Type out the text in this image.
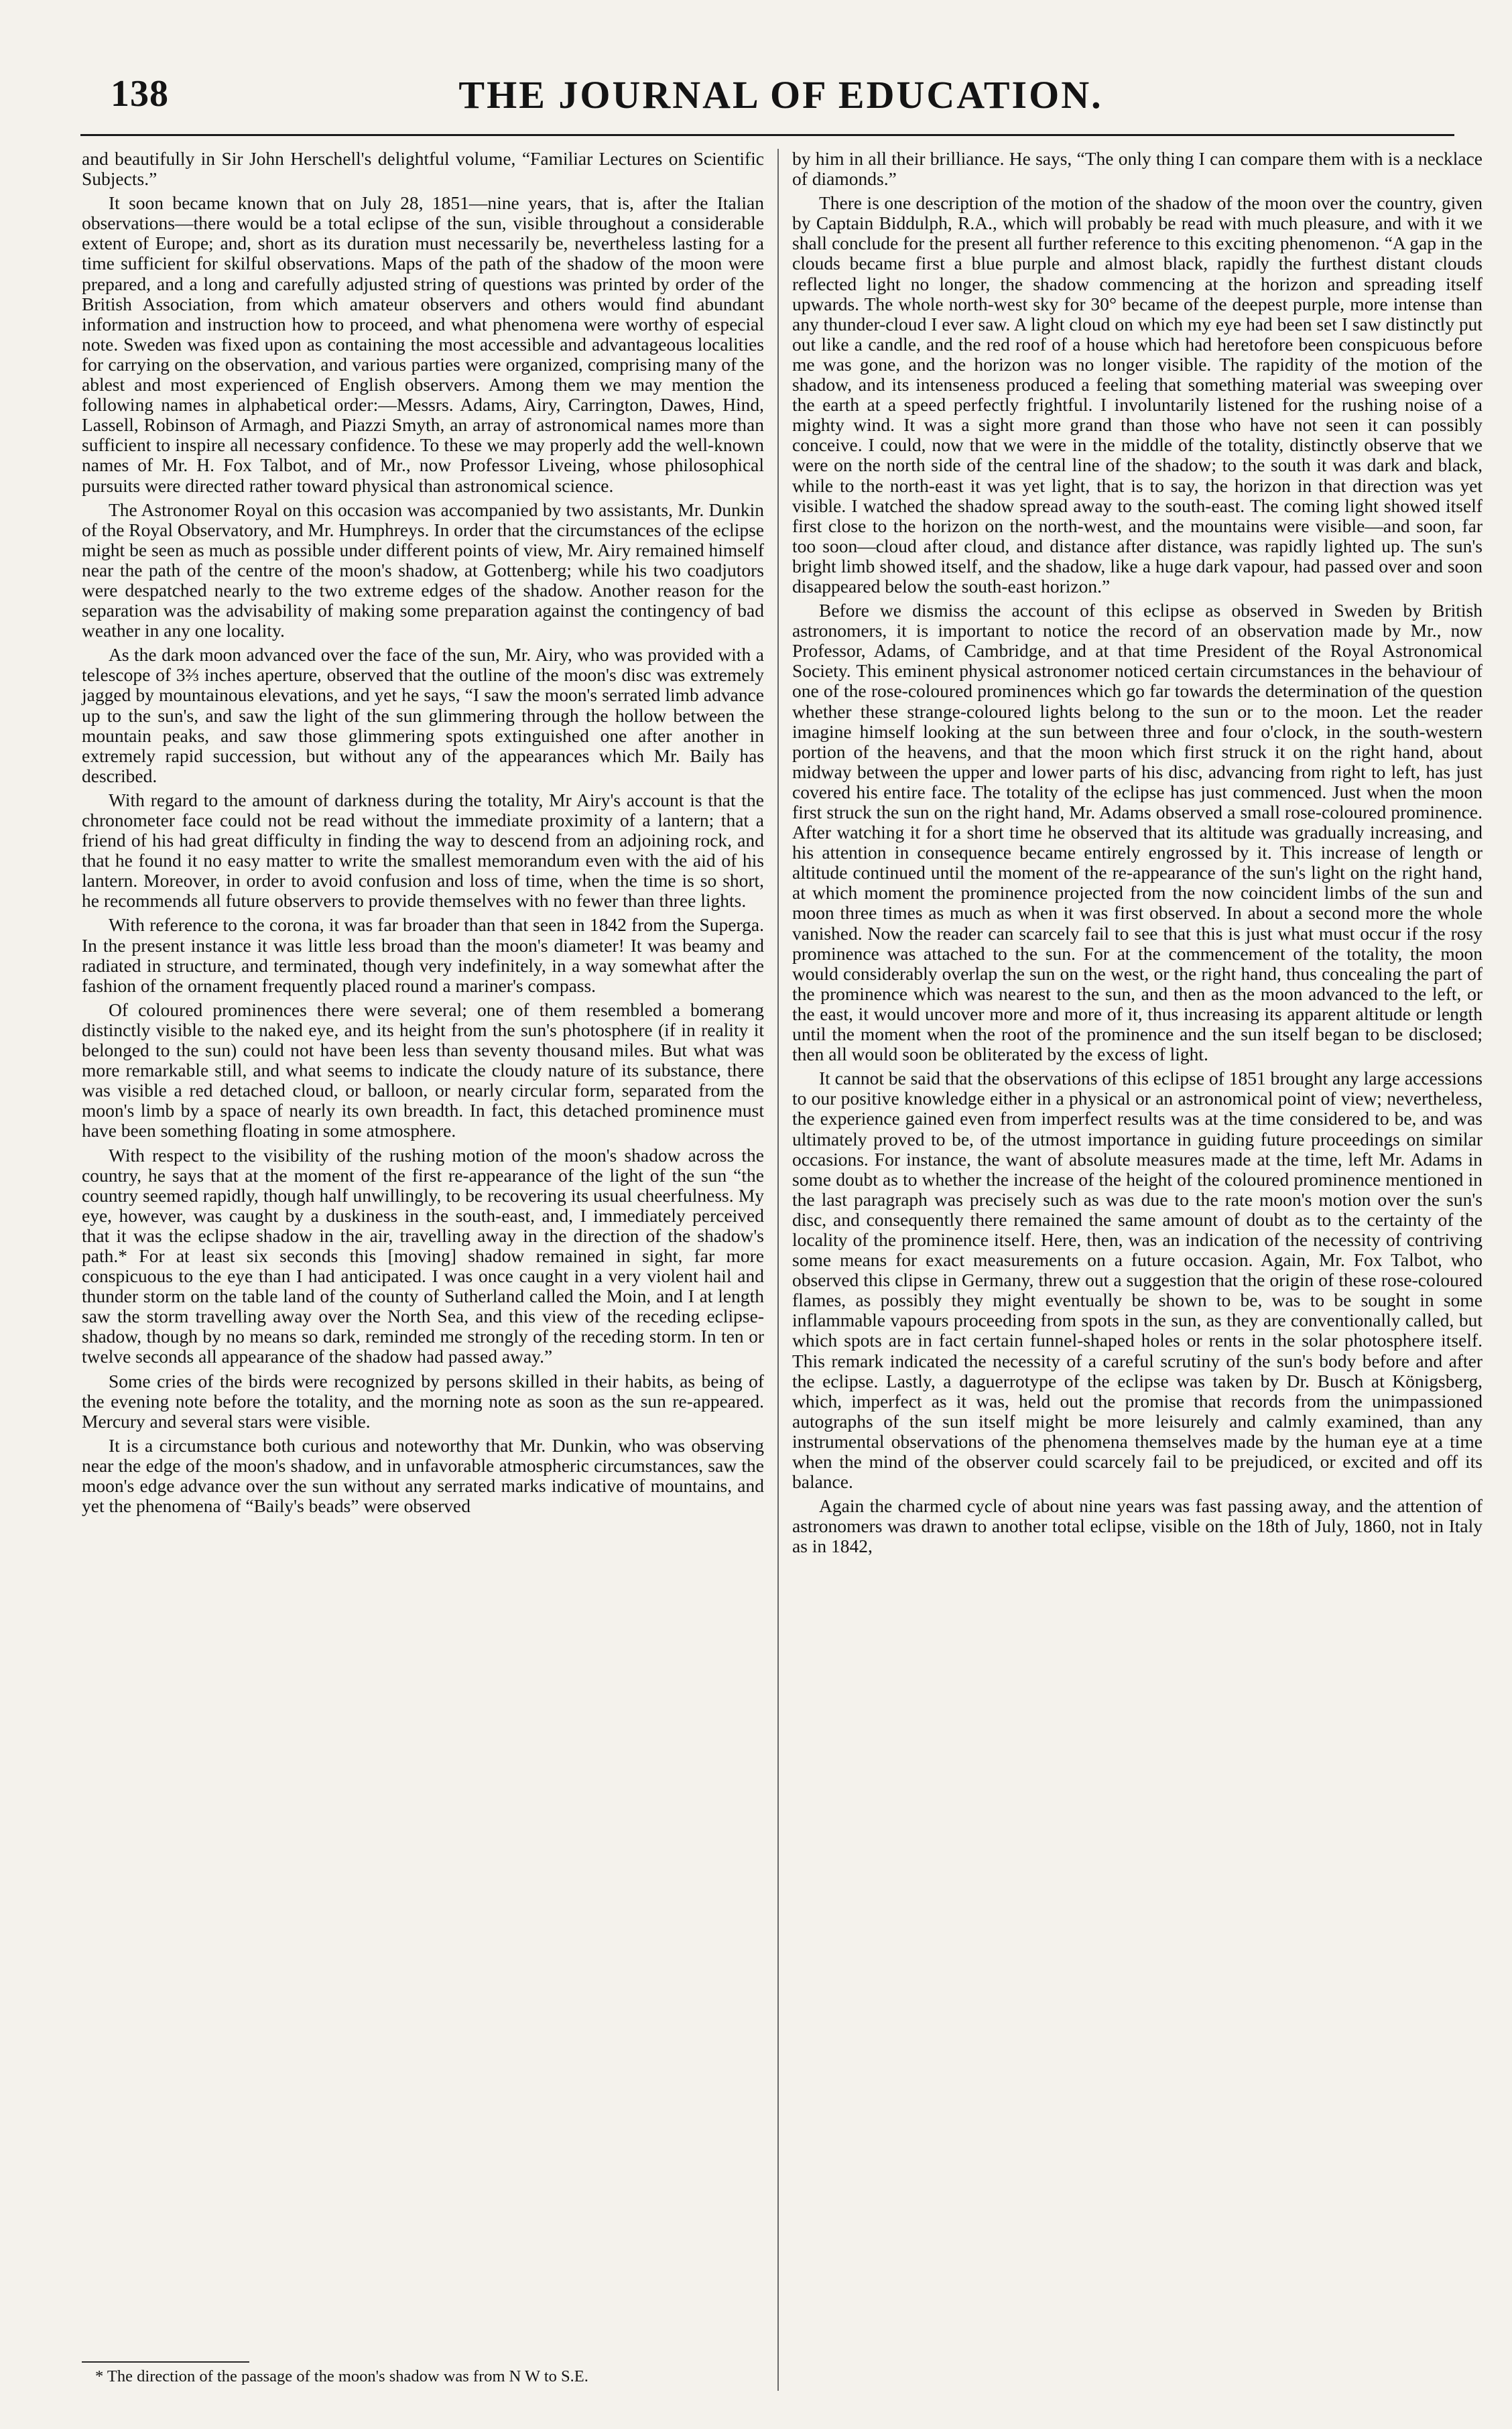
THE JOURNAL OF EDUCATION.
138

and beautifully in Sir John Herschell's delightful volume, “Familiar Lectures on Scientific Subjects.”

It soon became known that on July 28, 1851—nine years, that is, after the Italian observations—there would be a total eclipse of the sun, visible throughout a considerable extent of Europe; and, short as its duration must necessarily be, nevertheless lasting for a time sufficient for skilful observations. Maps of the path of the shadow of the moon were prepared, and a long and carefully adjusted string of questions was printed by order of the British Association, from which amateur observers and others would find abundant information and instruction how to proceed, and what phenomena were worthy of especial note. Sweden was fixed upon as containing the most accessible and advantageous localities for carrying on the observation, and various parties were organized, comprising many of the ablest and most experienced of English observers. Among them we may mention the following names in alphabetical order:—Messrs. Adams, Airy, Carrington, Dawes, Hind, Lassell, Robinson of Armagh, and Piazzi Smyth, an array of astronomical names more than sufficient to inspire all necessary confidence. To these we may properly add the well-known names of Mr. H. Fox Talbot, and of Mr., now Professor Liveing, whose philosophical pursuits were directed rather toward physical than astronomical science.

The Astronomer Royal on this occasion was accompanied by two assistants, Mr. Dunkin of the Royal Observatory, and Mr. Humphreys. In order that the circumstances of the eclipse might be seen as much as possible under different points of view, Mr. Airy remained himself near the path of the centre of the moon's shadow, at Gottenberg; while his two coadjutors were despatched nearly to the two extreme edges of the shadow. Another reason for the separation was the advisability of making some preparation against the contingency of bad weather in any one locality.

As the dark moon advanced over the face of the sun, Mr. Airy, who was provided with a telescope of 3⅔ inches aperture, observed that the outline of the moon's disc was extremely jagged by mountainous elevations, and yet he says, “I saw the moon's serrated limb advance up to the sun's, and saw the light of the sun glimmering through the hollow between the mountain peaks, and saw those glimmering spots extinguished one after another in extremely rapid succession, but without any of the appearances which Mr. Baily has described.

With regard to the amount of darkness during the totality, Mr Airy's account is that the chronometer face could not be read without the immediate proximity of a lantern; that a friend of his had great difficulty in finding the way to descend from an adjoining rock, and that he found it no easy matter to write the smallest memorandum even with the aid of his lantern. Moreover, in order to avoid confusion and loss of time, when the time is so short, he recommends all future observers to provide themselves with no fewer than three lights.

With reference to the corona, it was far broader than that seen in 1842 from the Superga. In the present instance it was little less broad than the moon's diameter! It was beamy and radiated in structure, and terminated, though very indefinitely, in a way somewhat after the fashion of the ornament frequently placed round a mariner's compass.

Of coloured prominences there were several; one of them resembled a bomerang distinctly visible to the naked eye, and its height from the sun's photosphere (if in reality it belonged to the sun) could not have been less than seventy thousand miles. But what was more remarkable still, and what seems to indicate the cloudy nature of its substance, there was visible a red detached cloud, or balloon, or nearly circular form, separated from the moon's limb by a space of nearly its own breadth. In fact, this detached prominence must have been something floating in some atmosphere.

With respect to the visibility of the rushing motion of the moon's shadow across the country, he says that at the moment of the first re-appearance of the light of the sun “the country seemed rapidly, though half unwillingly, to be recovering its usual cheerfulness. My eye, however, was caught by a duskiness in the south-east, and, I immediately perceived that it was the eclipse shadow in the air, travelling away in the direction of the shadow's path.* For at least six seconds this [moving] shadow remained in sight, far more conspicuous to the eye than I had anticipated. I was once caught in a very violent hail and thunder storm on the table land of the county of Sutherland called the Moin, and I at length saw the storm travelling away over the North Sea, and this view of the receding eclipse-shadow, though by no means so dark, reminded me strongly of the receding storm. In ten or twelve seconds all appearance of the shadow had passed away.”

Some cries of the birds were recognized by persons skilled in their habits, as being of the evening note before the totality, and the morning note as soon as the sun re-appeared. Mercury and several stars were visible.

It is a circumstance both curious and noteworthy that Mr. Dunkin, who was observing near the edge of the moon's shadow, and in unfavorable atmospheric circumstances, saw the moon's edge advance over the sun without any serrated marks indicative of mountains, and yet the phenomena of “Baily's beads” were observed

by him in all their brilliance. He says, “The only thing I can compare them with is a necklace of diamonds.”

There is one description of the motion of the shadow of the moon over the country, given by Captain Biddulph, R.A., which will probably be read with much pleasure, and with it we shall conclude for the present all further reference to this exciting phenomenon. “A gap in the clouds became first a blue purple and almost black, rapidly the furthest distant clouds reflected light no longer, the shadow commencing at the horizon and spreading itself upwards. The whole north-west sky for 30° became of the deepest purple, more intense than any thunder-cloud I ever saw. A light cloud on which my eye had been set I saw distinctly put out like a candle, and the red roof of a house which had heretofore been conspicuous before me was gone, and the horizon was no longer visible. The rapidity of the motion of the shadow, and its intenseness produced a feeling that something material was sweeping over the earth at a speed perfectly frightful. I involuntarily listened for the rushing noise of a mighty wind. It was a sight more grand than those who have not seen it can possibly conceive. I could, now that we were in the middle of the totality, distinctly observe that we were on the north side of the central line of the shadow; to the south it was dark and black, while to the north-east it was yet light, that is to say, the horizon in that direction was yet visible. I watched the shadow spread away to the south-east. The coming light showed itself first close to the horizon on the north-west, and the mountains were visible—and soon, far too soon—cloud after cloud, and distance after distance, was rapidly lighted up. The sun's bright limb showed itself, and the shadow, like a huge dark vapour, had passed over and soon disappeared below the south-east horizon.”

Before we dismiss the account of this eclipse as observed in Sweden by British astronomers, it is important to notice the record of an observation made by Mr., now Professor, Adams, of Cambridge, and at that time President of the Royal Astronomical Society. This eminent physical astronomer noticed certain circumstances in the behaviour of one of the rose-coloured prominences which go far towards the determination of the question whether these strange-coloured lights belong to the sun or to the moon. Let the reader imagine himself looking at the sun between three and four o'clock, in the south-western portion of the heavens, and that the moon which first struck it on the right hand, about midway between the upper and lower parts of his disc, advancing from right to left, has just covered his entire face. The totality of the eclipse has just commenced. Just when the moon first struck the sun on the right hand, Mr. Adams observed a small rose-coloured prominence. After watching it for a short time he observed that its altitude was gradually increasing, and his attention in consequence became entirely engrossed by it. This increase of length or altitude continued until the moment of the re-appearance of the sun's light on the right hand, at which moment the prominence projected from the now coincident limbs of the sun and moon three times as much as when it was first observed. In about a second more the whole vanished. Now the reader can scarcely fail to see that this is just what must occur if the rosy prominence was attached to the sun. For at the commencement of the totality, the moon would considerably overlap the sun on the west, or the right hand, thus concealing the part of the prominence which was nearest to the sun, and then as the moon advanced to the left, or the east, it would uncover more and more of it, thus increasing its apparent altitude or length until the moment when the root of the prominence and the sun itself began to be disclosed; then all would soon be obliterated by the excess of light.

It cannot be said that the observations of this eclipse of 1851 brought any large accessions to our positive knowledge either in a physical or an astronomical point of view; nevertheless, the experience gained even from imperfect results was at the time considered to be, and was ultimately proved to be, of the utmost importance in guiding future proceedings on similar occasions. For instance, the want of absolute measures made at the time, left Mr. Adams in some doubt as to whether the increase of the height of the coloured prominence mentioned in the last paragraph was precisely such as was due to the rate moon's motion over the sun's disc, and consequently there remained the same amount of doubt as to the certainty of the locality of the prominence itself. Here, then, was an indication of the necessity of contriving some means for exact measurements on a future occasion. Again, Mr. Fox Talbot, who observed this clipse in Germany, threw out a suggestion that the origin of these rose-coloured flames, as possibly they might eventually be shown to be, was to be sought in some inflammable vapours proceeding from spots in the sun, as they are conventionally called, but which spots are in fact certain funnel-shaped holes or rents in the solar photosphere itself. This remark indicated the necessity of a careful scrutiny of the sun's body before and after the eclipse. Lastly, a daguerrotype of the eclipse was taken by Dr. Busch at Königsberg, which, imperfect as it was, held out the promise that records from the unimpassioned autographs of the sun itself might be more leisurely and calmly examined, than any instrumental observations of the phenomena themselves made by the human eye at a time when the mind of the observer could scarcely fail to be prejudiced, or excited and off its balance.

Again the charmed cycle of about nine years was fast passing away, and the attention of astronomers was drawn to another total eclipse, visible on the 18th of July, 1860, not in Italy as in 1842,

* The direction of the passage of the moon's shadow was from N W to S.E.
